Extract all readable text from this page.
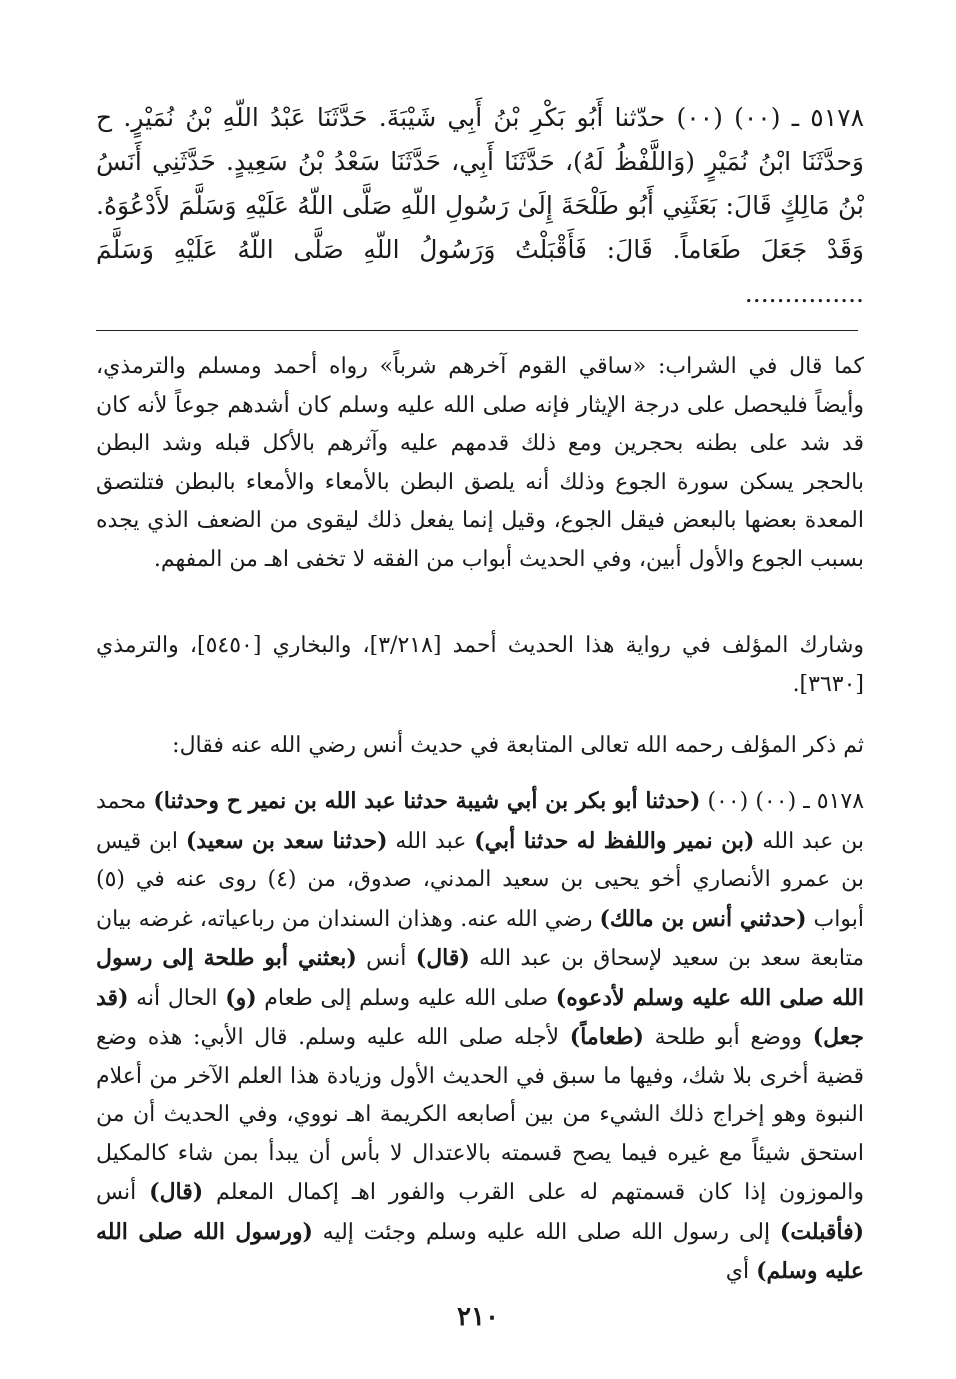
٥١٧٨ ـ (٠٠) (٠٠) حدّثنا أَبُو بَكْرِ بْنُ أَبِي شَيْبَةَ. حَدَّثَنَا عَبْدُ اللّهِ بْنُ نُمَيْرٍ. ح وَحدَّثَنَا ابْنُ نُمَيْرٍ (وَاللَّفْظُ لَهُ)، حَدَّثَنَا أَبِي، حَدَّثَنَا سَعْدُ بْنُ سَعِيدٍ. حَدَّثَنِي أَنَسُ بْنُ مَالِكٍ قَالَ: بَعَثَنِي أَبُو طَلْحَةَ إِلَىٰ رَسُولِ اللّهِ صَلَّى اللّهُ عَلَيْهِ وَسَلَّمَ لأَدْعُوَهُ. وَقَدْ جَعَلَ طَعَاماً. قَالَ: فَأَقْبَلْتُ وَرَسُولُ اللّهِ صَلَّى اللّهُ عَلَيْهِ وَسَلَّمَ ...............

كما قال في الشراب: «ساقي القوم آخرهم شرباً» رواه أحمد ومسلم والترمذي، وأيضاً فليحصل على درجة الإيثار فإنه صلى الله عليه وسلم كان أشدهم جوعاً لأنه كان قد شد على بطنه بحجرين ومع ذلك قدمهم عليه وآثرهم بالأكل قبله وشد البطن بالحجر يسكن سورة الجوع وذلك أنه يلصق البطن بالأمعاء والأمعاء بالبطن فتلتصق المعدة بعضها بالبعض فيقل الجوع، وقيل إنما يفعل ذلك ليقوى من الضعف الذي يجده بسبب الجوع والأول أبين، وفي الحديث أبواب من الفقه لا تخفى اهـ من المفهم.

وشارك المؤلف في رواية هذا الحديث أحمد [٣/٢١٨]، والبخاري [٥٤٥٠]، والترمذي [٣٦٣٠].

ثم ذكر المؤلف رحمه الله تعالى المتابعة في حديث أنس رضي الله عنه فقال:

٥١٧٨ ـ (٠٠) (٠٠) (حدثنا أبو بكر بن أبي شيبة حدثنا عبد الله بن نمير ح وحدثنا) محمد بن عبد الله (بن نمير واللفظ له حدثنا أبي) عبد الله (حدثنا سعد بن سعيد) ابن قيس بن عمرو الأنصاري أخو يحيى بن سعيد المدني، صدوق، من (٤) روى عنه في (٥) أبواب (حدثني أنس بن مالك) رضي الله عنه. وهذان السندان من رباعياته، غرضه بيان متابعة سعد بن سعيد لإسحاق بن عبد الله (قال) أنس (بعثني أبو طلحة إلى رسول الله صلى الله عليه وسلم لأدعوه) صلى الله عليه وسلم إلى طعام (و) الحال أنه (قد جعل) ووضع أبو طلحة (طعاماً) لأجله صلى الله عليه وسلم. قال الأبي: هذه وضع قضية أخرى بلا شك، وفيها ما سبق في الحديث الأول وزيادة هذا العلم الآخر من أعلام النبوة وهو إخراج ذلك الشيء من بين أصابعه الكريمة اهـ نووي، وفي الحديث أن من استحق شيئاً مع غيره فيما يصح قسمته بالاعتدال لا بأس أن يبدأ بمن شاء كالمكيل والموزون إذا كان قسمتهم له على القرب والفور اهـ إكمال المعلم (قال) أنس (فأقبلت) إلى رسول الله صلى الله عليه وسلم وجئت إليه (ورسول الله صلى الله عليه وسلم) أي

٢١٠
